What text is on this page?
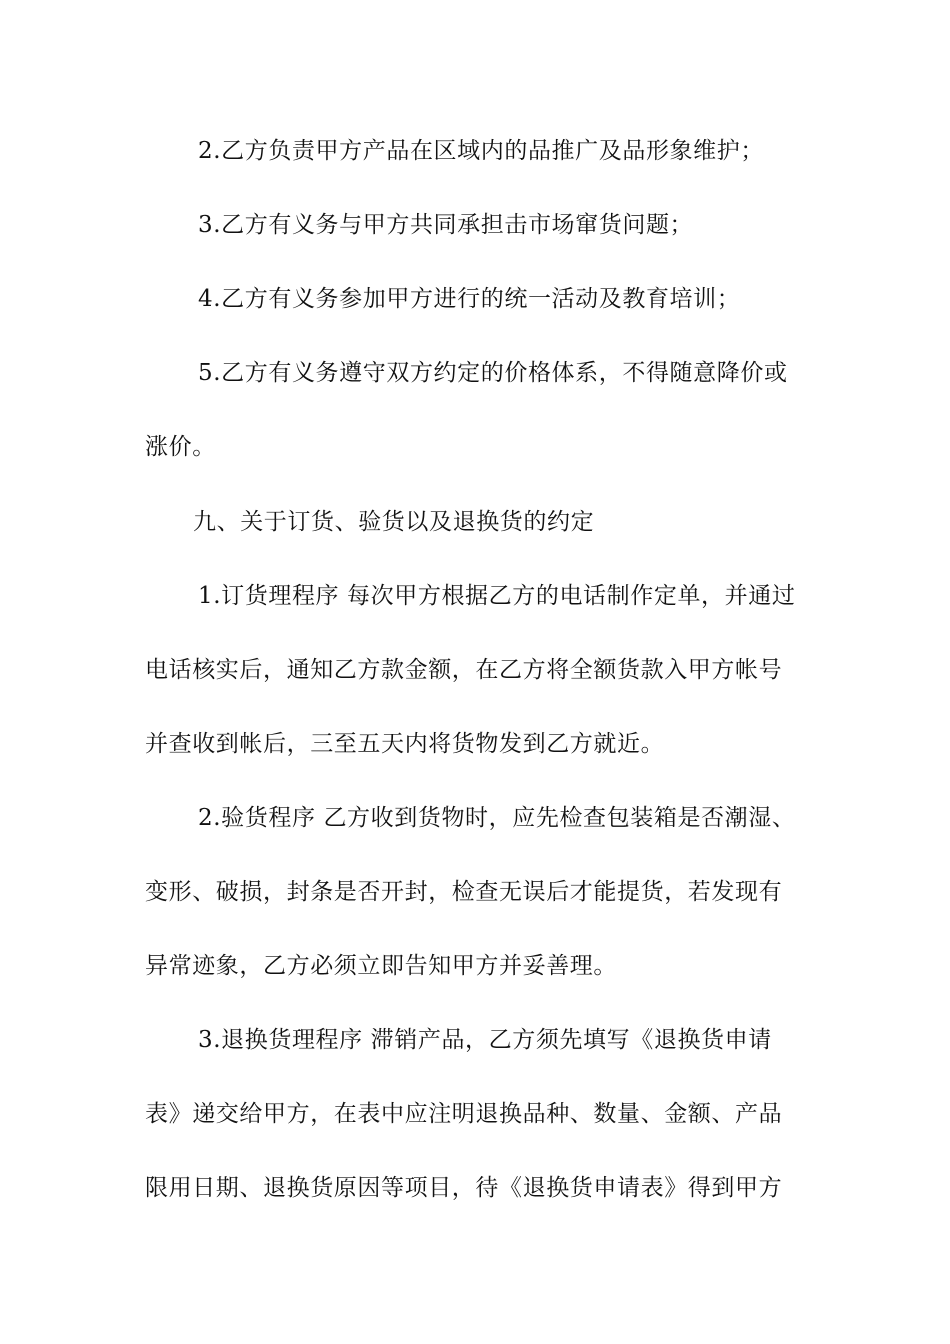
2.乙方负责甲方产品在区域内的品推广及品形象维护；
3.乙方有义务与甲方共同承担击市场窜货问题；
4.乙方有义务参加甲方进行的统一活动及教育培训；
5.乙方有义务遵守双方约定的价格体系，不得随意降价或
涨价。
九、关于订货、验货以及退换货的约定
1.订货理程序 每次甲方根据乙方的电话制作定单，并通过
电话核实后，通知乙方款金额，在乙方将全额货款入甲方帐号
并查收到帐后，三至五天内将货物发到乙方就近。
2.验货程序 乙方收到货物时，应先检查包装箱是否潮湿、
变形、破损，封条是否开封，检查无误后才能提货，若发现有
异常迹象，乙方必须立即告知甲方并妥善理。
3.退换货理程序 滞销产品，乙方须先填写《退换货申请
表》递交给甲方，在表中应注明退换品种、数量、金额、产品
限用日期、退换货原因等项目，待《退换货申请表》得到甲方
